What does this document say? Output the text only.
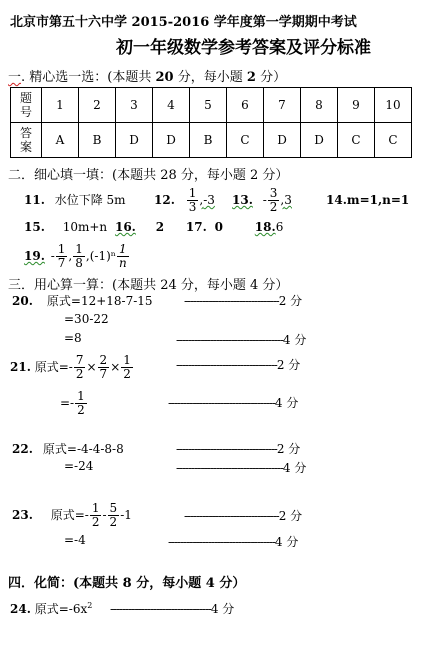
北京市第五十六中学 2015-2016 学年度第一学期期中考试
初一年级数学参考答案及评分标准
一. 精心选一选：(本题共 20 分，每小题 2 分）
题
号	1	2	3	4	5	6	7	8	9	10
答
案	A	B	D	D	B	C	D	D	C	C
二．细心填一填：(本题共 28 分，每小题 2 分）
11. 水位下降 5m 12. $\frac{1}{3} ,-3$ 13. - $\frac{3}{2} ,3$	14.m=1,n=1
15. 10m+n 16. 2 17. 0	18.6
19. - $\frac{1}{7}$ , $\frac{1}{8} ,(-1)^n \frac{1}{n}$
三．用心算一算：(本题共 24 分，每小题 4 分）
20. 原式=12+18-7-15	-------------------------------2 分
=30-22
=8	-----------------------------------4 分
21. 原式=- $\frac{7}{2} \times \frac{2}{7} \times \frac{1}{2}$	---------------------------------2 分
=- $\frac{1}{2}$	-----------------------------------4 分
22. 原式=-4-4-8-8	---------------------------------2 分
=-24	-----------------------------------4 分
23. 原式=- $\frac{1}{2} - \frac{5}{2} -1$	-------------------------------2 分
=-4	-----------------------------------4 分
四．化简：(本题共 8 分，每小题 4 分）
24. 原式$=-6x^2$ ---------------------------------4 分
